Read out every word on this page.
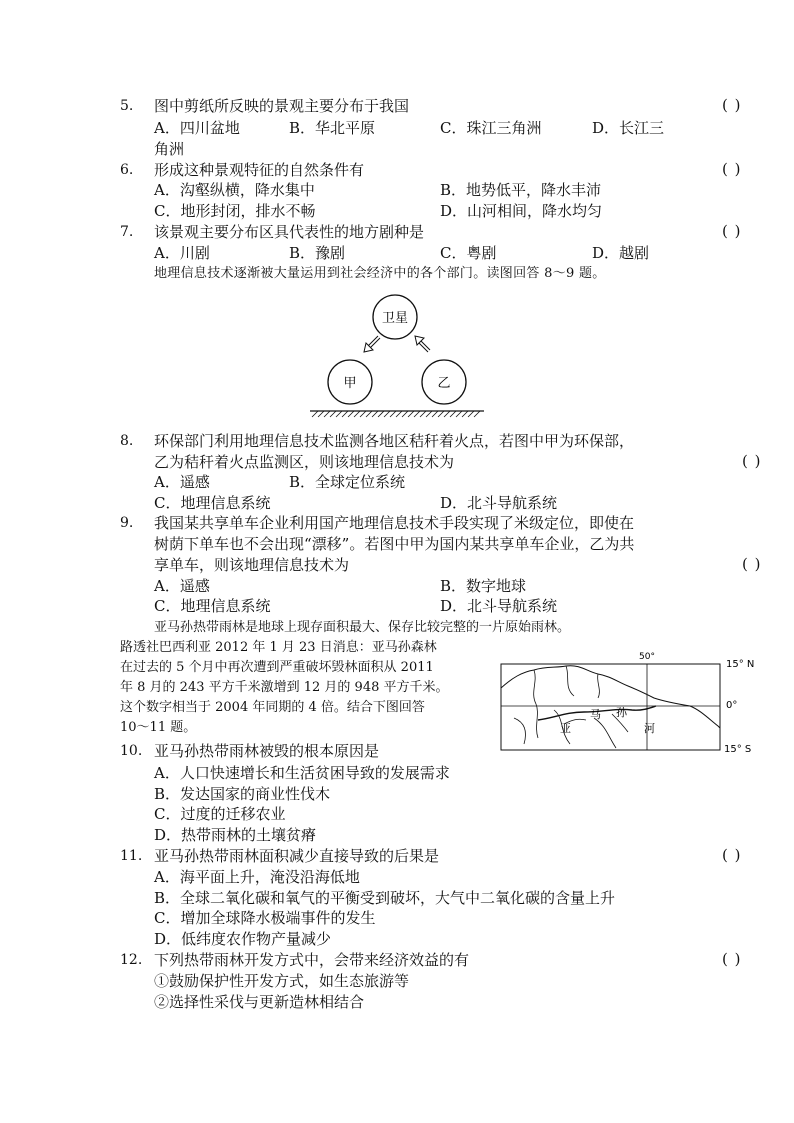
5. 图中剪纸所反映的景观主要分布于我国	( )
A．四川盆地	B．华北平原	C．珠江三角洲	D．长江三
角洲
6. 形成这种景观特征的自然条件有	( )
A．沟壑纵横，降水集中	B．地势低平，降水丰沛
C．地形封闭，排水不畅	D．山河相间，降水均匀
7. 该景观主要分布区具代表性的地方剧种是	( )
A．川剧	B．豫剧	C．粤剧	D．越剧
地理信息技术逐渐被大量运用到社会经济中的各个部门。读图回答 8～9 题。
卫星
甲	乙
8. 环保部门利用地理信息技术监测各地区秸秆着火点，若图中甲为环保部，
乙为秸秆着火点监测区，则该地理信息技术为	( )
A．遥感	B．全球定位系统
C．地理信息系统	D．北斗导航系统
9. 我国某共享单车企业利用国产地理信息技术手段实现了米级定位，即使在
树荫下单车也不会出现“漂移”。若图中甲为国内某共享单车企业，乙为共
享单车，则该地理信息技术为	( )
A．遥感	B．数字地球
C．地理信息系统	D．北斗导航系统
亚马孙热带雨林是地球上现存面积最大、保存比较完整的一片原始雨林。
路透社巴西利亚 2012 年 1 月 23 日消息：亚马孙森林
在过去的 5 个月中再次遭到严重破坏毁林面积从 2011
年 8 月的 243 平方千米激增到 12 月的 948 平方千米。
这个数字相当于 2004 年同期的 4 倍。结合下图回答
10～11 题。
50°
15° N
0°
15° S
亚
马 孙
河
10. 亚马孙热带雨林被毁的根本原因是
A．人口快速增长和生活贫困导致的发展需求
B．发达国家的商业性伐木
C．过度的迁移农业
D．热带雨林的土壤贫瘠
11. 亚马孙热带雨林面积减少直接导致的后果是	( )
A．海平面上升，淹没沿海低地
B．全球二氧化碳和氧气的平衡受到破坏，大气中二氧化碳的含量上升
C．增加全球降水极端事件的发生
D．低纬度农作物产量减少
12. 下列热带雨林开发方式中，会带来经济效益的有	( )
①鼓励保护性开发方式，如生态旅游等
②选择性采伐与更新造林相结合
